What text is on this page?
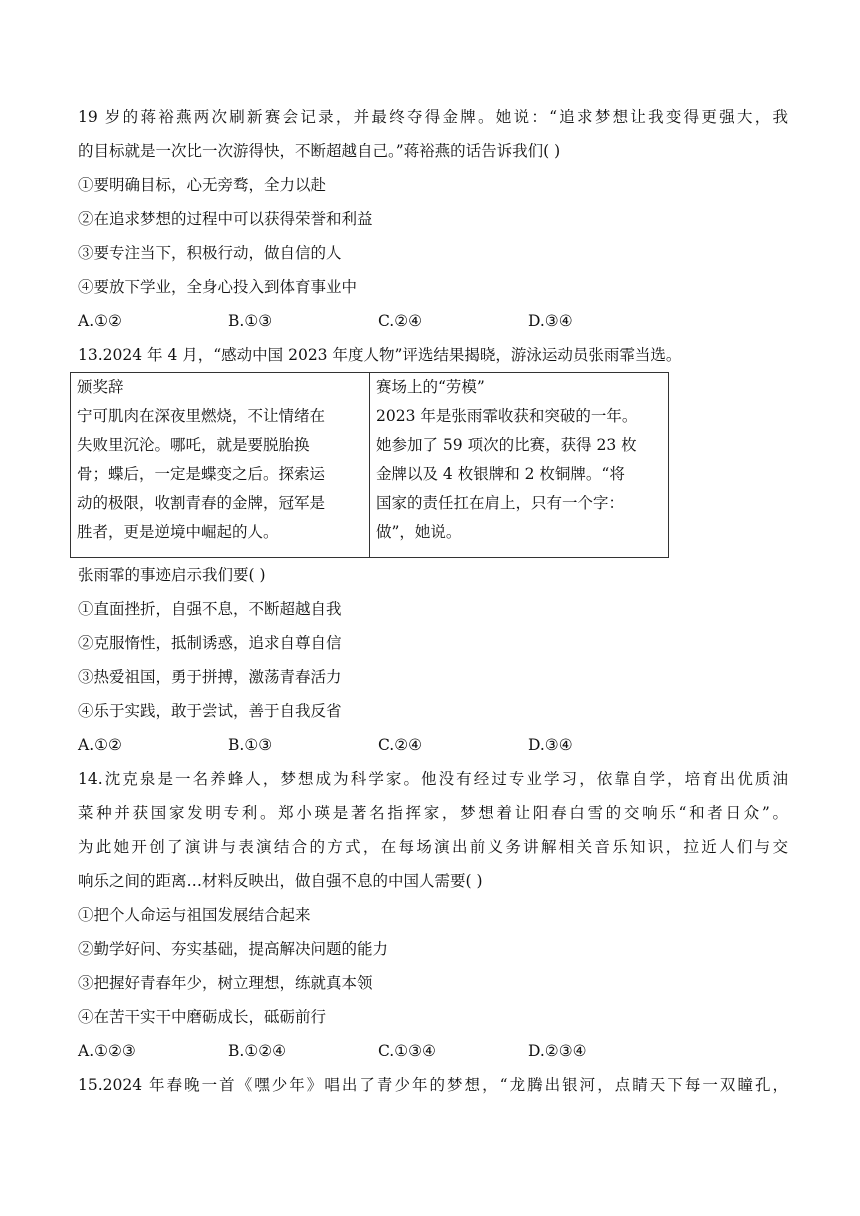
19 岁的蒋裕燕两次刷新赛会记录，并最终夺得金牌。她说：“追求梦想让我变得更强大，我
的目标就是一次比一次游得快，不断超越自己。”蒋裕燕的话告诉我们( )
①要明确目标，心无旁骛，全力以赴
②在追求梦想的过程中可以获得荣誉和利益
③要专注当下，积极行动，做自信的人
④要放下学业，全身心投入到体育事业中
A.①②	B.①③	C.②④	D.③④
13.2024 年 4 月，“感动中国 2023 年度人物”评选结果揭晓，游泳运动员张雨霏当选。
颁奖辞
宁可肌肉在深夜里燃烧，不让情绪在
失败里沉沦。哪吒，就是要脱胎换
骨；蝶后，一定是蝶变之后。探索运
动的极限，收割青春的金牌，冠军是
胜者，更是逆境中崛起的人。

赛场上的“劳模”
2023 年是张雨霏收获和突破的一年。
她参加了 59 项次的比赛，获得 23 枚
金牌以及 4 枚银牌和 2 枚铜牌。“将
国家的责任扛在肩上，只有一个字：
做”，她说。
张雨霏的事迹启示我们要( )
①直面挫折，自强不息，不断超越自我
②克服惰性，抵制诱惑，追求自尊自信
③热爱祖国，勇于拼搏，激荡青春活力
④乐于实践，敢于尝试，善于自我反省
A.①②	B.①③	C.②④	D.③④
14.沈克泉是一名养蜂人，梦想成为科学家。他没有经过专业学习，依靠自学，培育出优质油
菜种并获国家发明专利。郑小瑛是著名指挥家，梦想着让阳春白雪的交响乐“和者日众”。
为此她开创了演讲与表演结合的方式，在每场演出前义务讲解相关音乐知识，拉近人们与交
响乐之间的距离…材料反映出，做自强不息的中国人需要( )
①把个人命运与祖国发展结合起来
②勤学好问、夯实基础，提高解决问题的能力
③把握好青春年少，树立理想，练就真本领
④在苦干实干中磨砺成长，砥砺前行
A.①②③	B.①②④	C.①③④	D.②③④
15.2024 年春晚一首《嘿少年》唱出了青少年的梦想，“龙腾出银河，点睛天下每一双瞳孔，
